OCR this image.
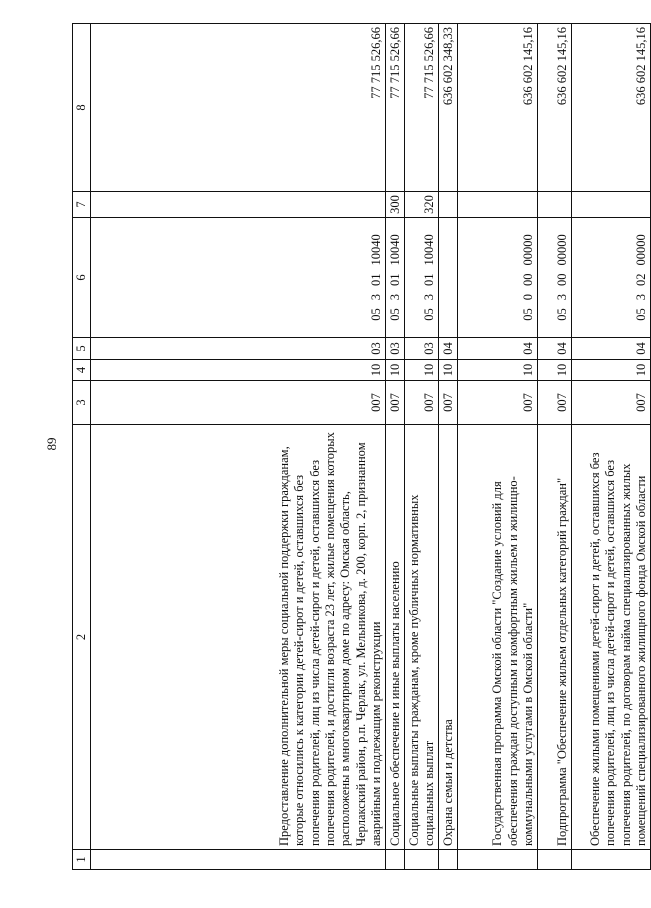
89
1	2	3	4	5	6	7	8
	Предоставление дополнительной меры социальной поддержки гражданам, которые относились к категории детей-сирот и детей, оставшихся без попечения родителей, лиц из числа детей-сирот и детей, оставшихся без попечения родителей, и достигли возраста 23 лет, жилые помещения которых расположены в многоквартирном доме по адресу: Омская область, Черлакский район, р.п. Черлак, ул. Мельникова, д. 200, корп. 2, признанном аварийным и подлежащим реконструкции	007	10	03	0530110040		77 715 526,66
	Социальное обеспечение и иные выплаты населению	007	10	03	0530110040	300	77 715 526,66
	Социальные выплаты гражданам, кроме публичных нормативных социальных выплат	007	10	03	0530110040	320	77 715 526,66
	Охрана семьи и детства	007	10	04			636 602 348,33
	Государственная программа Омской области "Создание условий для обеспечения граждан доступным и комфортным жильем и жилищно-коммунальными услугами в Омской области"	007	10	04	0500000000		636 602 145,16
	Подпрограмма "Обеспечение жильем отдельных категорий граждан"	007	10	04	0530000000		636 602 145,16
	Обеспечение жилыми помещениями детей-сирот и детей, оставшихся без попечения родителей, лиц из числа детей-сирот и детей, оставшихся без попечения родителей, по договорам найма специализированных жилых помещений специализированного жилищного фонда Омской области	007	10	04	0530200000		636 602 145,16
